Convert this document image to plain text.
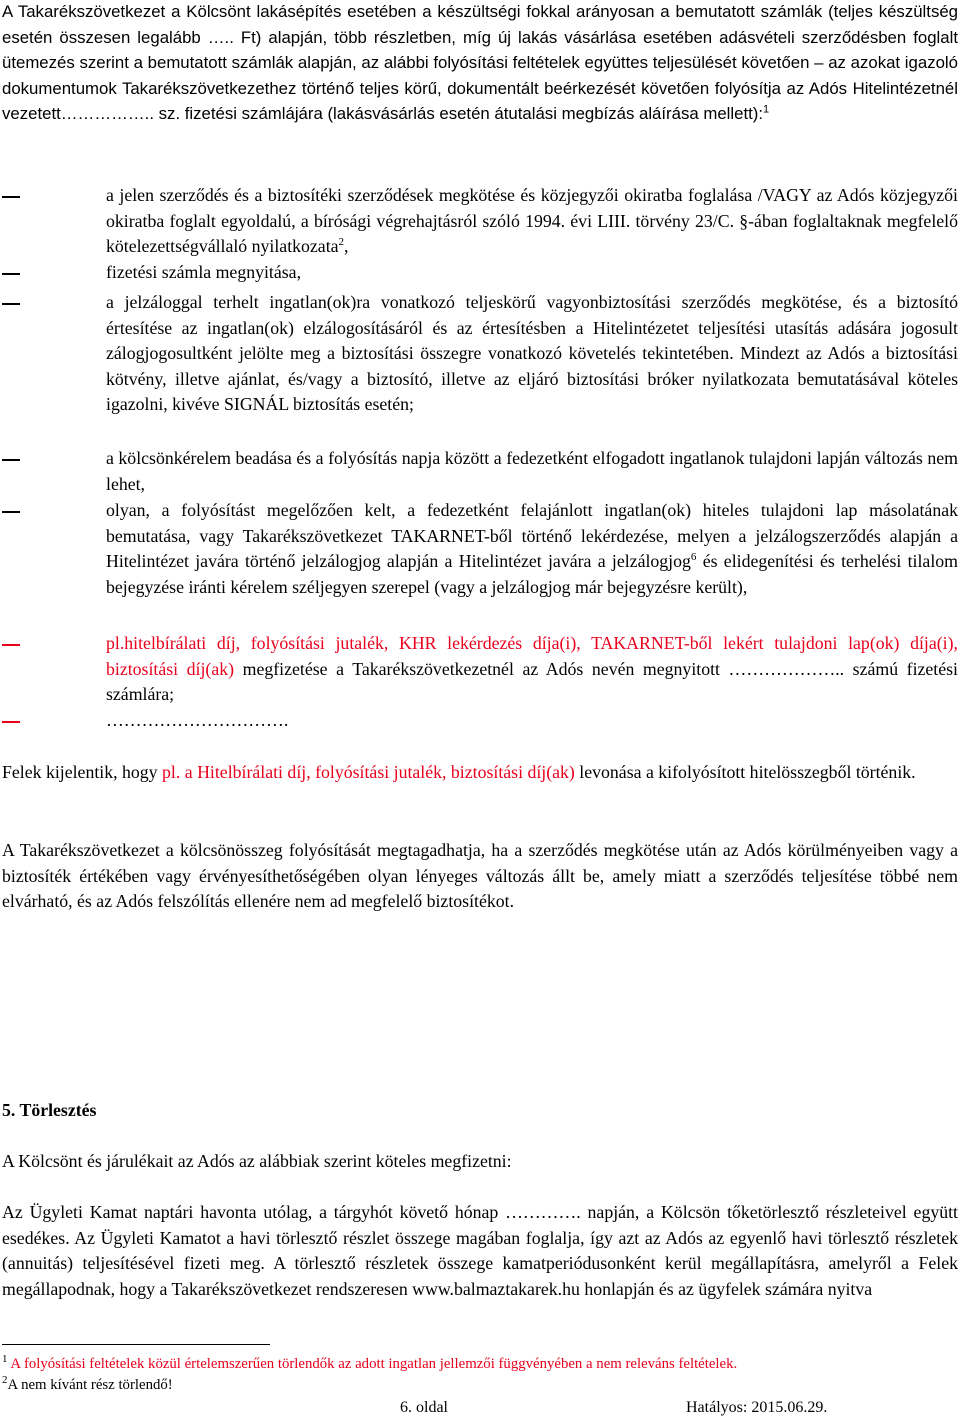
A Takarékszövetkezet a Kölcsönt lakásépítés esetében a készültségi fokkal arányosan a bemutatott számlák (teljes készültség esetén összesen legalább ….. Ft) alapján, több részletben, míg új lakás vásárlása esetében adásvételi szerződésben foglalt ütemezés szerint a bemutatott számlák alapján, az alábbi folyósítási feltételek együttes teljesülését követően – az azokat igazoló dokumentumok Takarékszövetkezethez történő teljes körű, dokumentált beérkezését követően folyósítja az Adós Hitelintézetnél vezetett…………….. sz. fizetési számlájára (lakásvásárlás esetén átutalási megbízás aláírása mellett):$^1$
a jelen szerződés és a biztosítéki szerződések megkötése és közjegyzői okiratba foglalása /VAGY az Adós közjegyzői okiratba foglalt egyoldalú, a bírósági végrehajtásról szóló 1994. évi LIII. törvény 23/C. §-ában foglaltaknak megfelelő kötelezettségvállaló nyilatkozata$^2$,
fizetési számla megnyitása,
a jelzáloggal terhelt ingatlan(ok)ra vonatkozó teljeskörű vagyonbiztosítási szerződés megkötése, és a biztosító értesítése az ingatlan(ok) elzálogosításáról és az értesítésben a Hitelintézetet teljesítési utasítás adására jogosult zálogjogosultként jelölte meg a biztosítási összegre vonatkozó követelés tekintetében. Mindezt az Adós a biztosítási kötvény, illetve ajánlat, és/vagy a biztosító, illetve az eljáró biztosítási bróker nyilatkozata bemutatásával köteles igazolni, kivéve SIGNÁL biztosítás esetén;
a kölcsönkérelem beadása és a folyósítás napja között a fedezetként elfogadott ingatlanok tulajdoni lapján változás nem lehet,
olyan, a folyósítást megelőzően kelt, a fedezetként felajánlott ingatlan(ok) hiteles tulajdoni lap másolatának bemutatása, vagy Takarékszövetkezet TAKARNET-ből történő lekérdezése, melyen a jelzálogszerződés alapján a Hitelintézet javára történő jelzálogjog alapján a Hitelintézet javára a jelzálogjog$^6$ és elidegenítési és terhelési tilalom bejegyzése iránti kérelem széljegyen szerepel (vagy a jelzálogjog már bejegyzésre került),
pl.hitelbírálati díj, folyósítási jutalék, KHR lekérdezés díja(i), TAKARNET-ből lekért tulajdoni lap(ok) díja(i), biztosítási díj(ak) megfizetése a Takarékszövetkezetnél az Adós nevén megnyitott ……………….. számú fizetési számlára;
………………………….
Felek kijelentik, hogy pl. a Hitelbírálati díj, folyósítási jutalék, biztosítási díj(ak) levonása a kifolyósított hitelösszegből történik.
A Takarékszövetkezet a kölcsönösszeg folyósítását megtagadhatja, ha a szerződés megkötése után az Adós körülményeiben vagy a biztosíték értékében vagy érvényesíthetőségében olyan lényeges változás állt be, amely miatt a szerződés teljesítése többé nem elvárható, és az Adós felszólítás ellenére nem ad megfelelő biztosítékot.
5. Törlesztés
A Kölcsönt és járulékait az Adós az alábbiak szerint köteles megfizetni:
Az Ügyleti Kamat naptári havonta utólag, a tárgyhót követő hónap …………. napján, a Kölcsön tőketörlesztő részleteivel együtt esedékes. Az Ügyleti Kamatot a havi törlesztő részlet összege magában foglalja, így azt az Adós az egyenlő havi törlesztő részletek (annuitás) teljesítésével fizeti meg. A törlesztő részletek összege kamatperiódusonként kerül megállapításra, amelyről a Felek megállapodnak, hogy a Takarékszövetkezet rendszeresen www.balmaztakarek.hu honlapján és az ügyfelek számára nyitva
$^1$ A folyósítási feltételek közül értelemszerűen törlendők az adott ingatlan jellemzői függvényében a nem releváns feltételek.
$^2$A nem kívánt rész törlendő!
6. oldal	Hatályos: 2015.06.29.
